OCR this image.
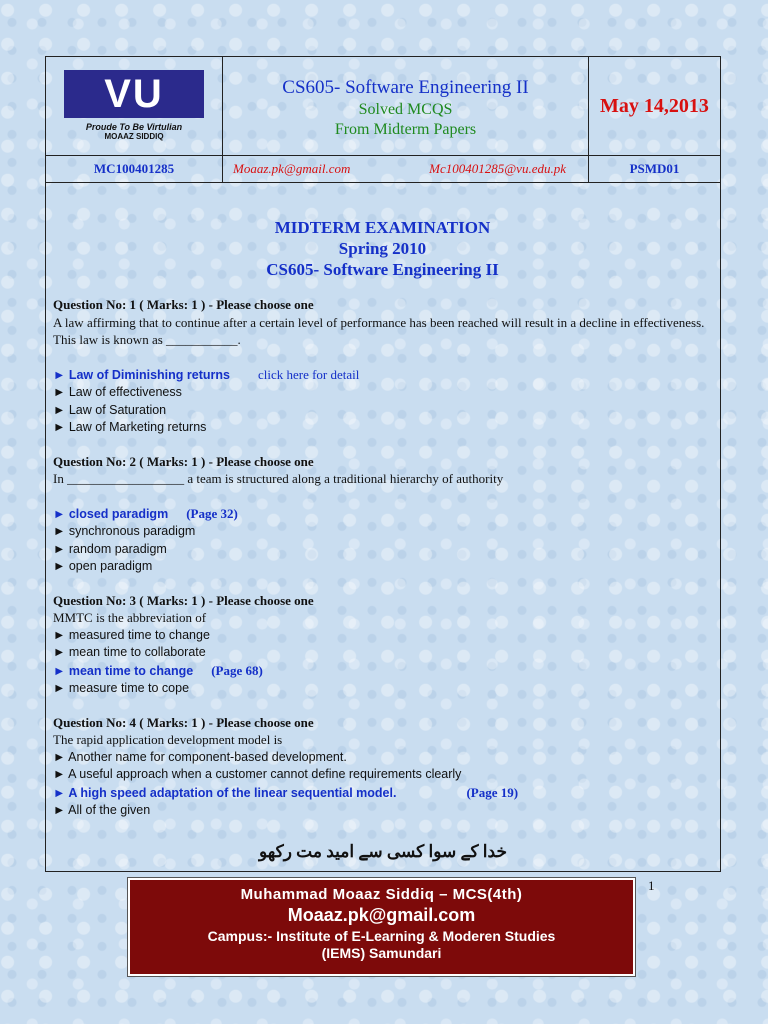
VU
Proude To Be Virtulian
MOAAZ SIDDIQ
CS605- Software Engineering II
Solved MCQS
From Midterm Papers
May 14,2013
MC100401285	Moaaz.pk@gmail.com	Mc100401285@vu.edu.pk	PSMD01
MIDTERM EXAMINATION
Spring 2010
CS605- Software Engineering II
Question No: 1 ( Marks: 1 ) - Please choose one
A law affirming that to continue after a certain level of performance has been reached will result in a decline in effectiveness. This law is known as ___________.
► Law of Diminishing returns click here for detail
► Law of effectiveness
► Law of Saturation
► Law of Marketing returns
Question No: 2 ( Marks: 1 ) - Please choose one
In __________________ a team is structured along a traditional hierarchy of authority
► closed paradigm (Page 32)
► synchronous paradigm
► random paradigm
► open paradigm
Question No: 3 ( Marks: 1 ) - Please choose one
MMTC is the abbreviation of
► measured time to change
► mean time to collaborate
► mean time to change (Page 68)
► measure time to cope
Question No: 4 ( Marks: 1 ) - Please choose one
The rapid application development model is
► Another name for component-based development.
► A useful approach when a customer cannot define requirements clearly
► A high speed adaptation of the linear sequential model.	(Page 19)
► All of the given
خدا کے سوا کسی سے امید مت رکھو
Muhammad Moaaz Siddiq – MCS(4th)
Moaaz.pk@gmail.com
Campus:- Institute of E-Learning & Moderen Studies
(IEMS) Samundari
1
